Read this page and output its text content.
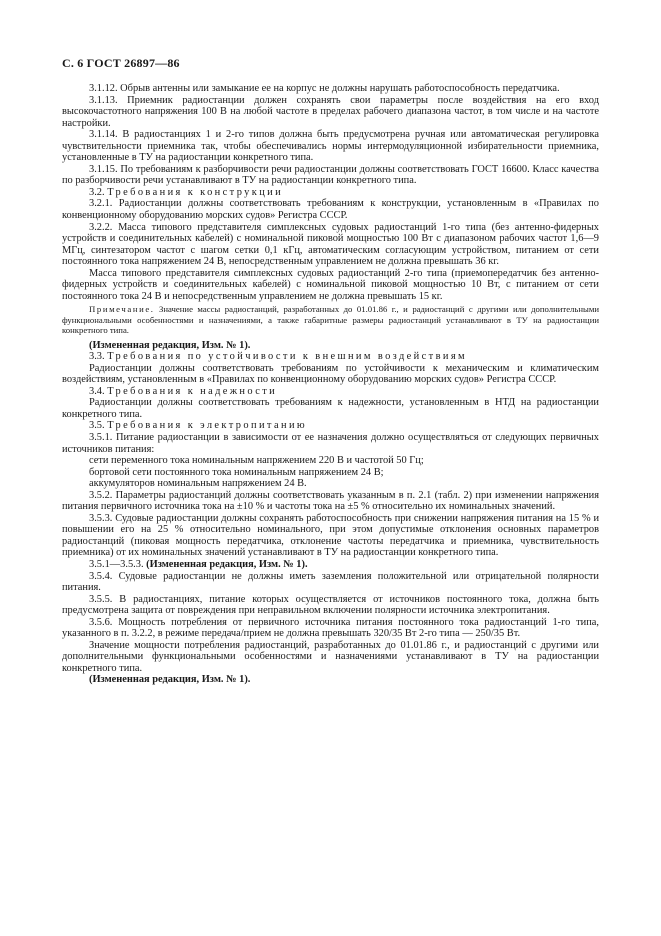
С. 6 ГОСТ 26897—86

3.1.12. Обрыв антенны или замыкание ее на корпус не должны нарушать работоспособность передатчика.

3.1.13. Приемник радиостанции должен сохранять свои параметры после воздействия на его вход высокочастотного напряжения 100 В на любой частоте в пределах рабочего диапазона частот, в том числе и на частоте настройки.

3.1.14. В радиостанциях 1 и 2-го типов должна быть предусмотрена ручная или автоматическая регулировка чувствительности приемника так, чтобы обеспечивались нормы интермодуляционной избирательности приемника, установленные в ТУ на радиостанции конкретного типа.

3.1.15. По требованиям к разборчивости речи радиостанции должны соответствовать ГОСТ 16600. Класс качества по разборчивости речи устанавливают в ТУ на радиостанции конкретного типа.

3.2. Требования к конструкции

3.2.1. Радиостанции должны соответствовать требованиям к конструкции, установленным в «Правилах по конвенционному оборудованию морских судов» Регистра СССР.

3.2.2. Масса типового представителя симплексных судовых радиостанций 1-го типа (без антенно-фидерных устройств и соединительных кабелей) с номинальной пиковой мощностью 100 Вт с диапазоном рабочих частот 1,6—9 МГц, синтезатором частот с шагом сетки 0,1 кГц, автоматическим согласующим устройством, питанием от сети постоянного тока напряжением 24 В, непосредственным управлением не должна превышать 36 кг.

Масса типового представителя симплексных судовых радиостанций 2-го типа (приемопередатчик без антенно-фидерных устройств и соединительных кабелей) с номинальной пиковой мощностью 10 Вт, с питанием от сети постоянного тока 24 В и непосредственным управлением не должна превышать 15 кг.

Примечание. Значение массы радиостанций, разработанных до 01.01.86 г., и радиостанций с другими или дополнительными функциональными особенностями и назначениями, а также габаритные размеры радиостанций устанавливают в ТУ на радиостанции конкретного типа.

(Измененная редакция, Изм. № 1).

3.3. Требования по устойчивости к внешним воздействиям

Радиостанции должны соответствовать требованиям по устойчивости к механическим и климатическим воздействиям, установленным в «Правилах по конвенционному оборудованию морских судов» Регистра СССР.

3.4. Требования к надежности

Радиостанции должны соответствовать требованиям к надежности, установленным в НТД на радиостанции конкретного типа.

3.5. Требования к электропитанию

3.5.1. Питание радиостанции в зависимости от ее назначения должно осуществляться от следующих первичных источников питания:

сети переменного тока номинальным напряжением 220 В и частотой 50 Гц;

бортовой сети постоянного тока номинальным напряжением 24 В;

аккумуляторов номинальным напряжением 24 В.

3.5.2. Параметры радиостанций должны соответствовать указанным в п. 2.1 (табл. 2) при изменении напряжения питания первичного источника тока на ±10 % и частоты тока на ±5 % относительно их номинальных значений.

3.5.3. Судовые радиостанции должны сохранять работоспособность при снижении напряжения питания на 15 % и повышении его на 25 % относительно номинального, при этом допустимые отклонения основных параметров радиостанций (пиковая мощность передатчика, отклонение частоты передатчика и приемника, чувствительность приемника) от их номинальных значений устанавливают в ТУ на радиостанции конкретного типа.

3.5.1—3.5.3. (Измененная редакция, Изм. № 1).

3.5.4. Судовые радиостанции не должны иметь заземления положительной или отрицательной полярности питания.

3.5.5. В радиостанциях, питание которых осуществляется от источников постоянного тока, должна быть предусмотрена защита от повреждения при неправильном включении полярности источника электропитания.

3.5.6. Мощность потребления от первичного источника питания постоянного тока радиостанций 1-го типа, указанного в п. 3.2.2, в режиме передача/прием не должна превышать 320/35 Вт 2-го типа — 250/35 Вт.

Значение мощности потребления радиостанций, разработанных до 01.01.86 г., и радиостанций с другими или дополнительными функциональными особенностями и назначениями устанавливают в ТУ на радиостанции конкретного типа.

(Измененная редакция, Изм. № 1).
